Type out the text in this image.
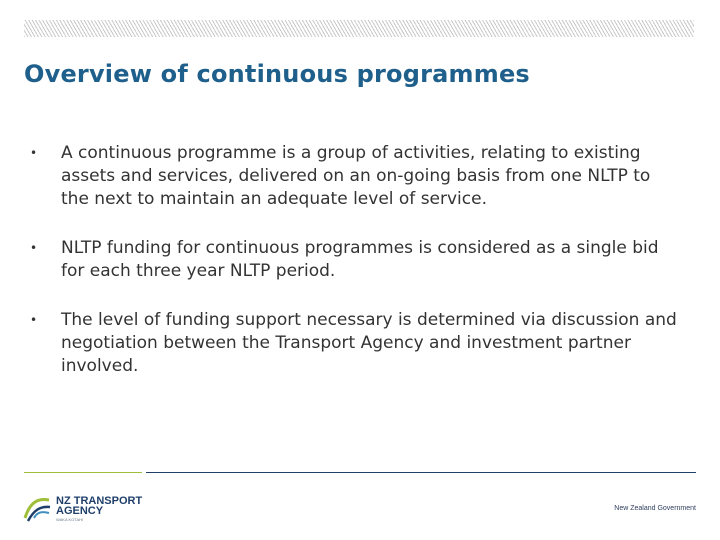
Overview of continuous programmes
• A continuous programme is a group of activities, relating to existing assets and services, delivered on an on-going basis from one NLTP to the next to maintain an adequate level of service.
• NLTP funding for continuous programmes is considered as a single bid for each three year NLTP period.
• The level of funding support necessary is determined via discussion and negotiation between the Transport Agency and investment partner involved.
NZ TRANSPORT
AGENCY
WAKA KOTAHI
New Zealand Government
